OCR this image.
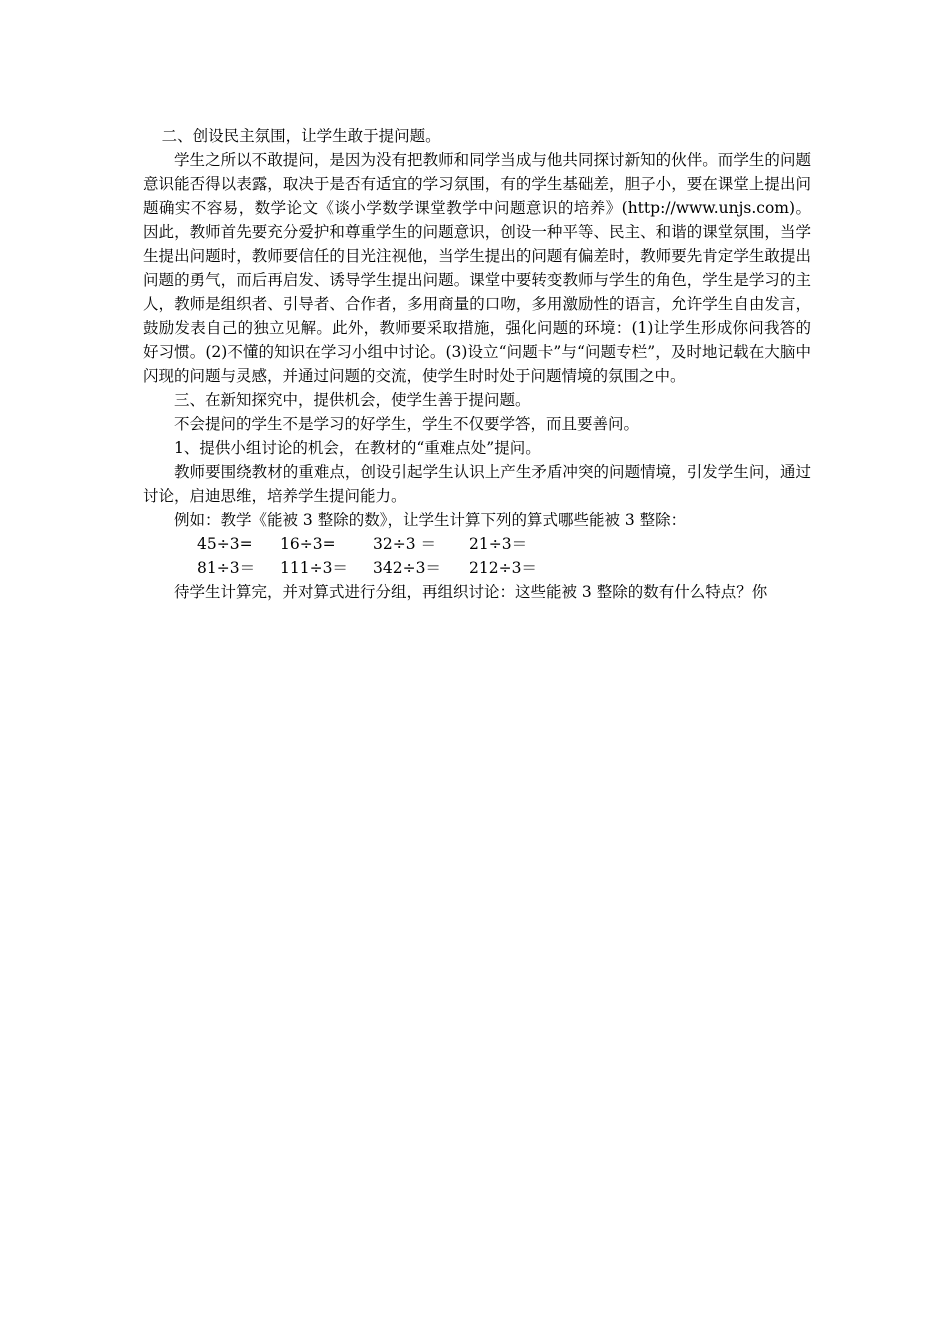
二、创设民主氛围，让学生敢于提问题。

学生之所以不敢提问，是因为没有把教师和同学当成与他共同探讨新知的伙伴。而学生的问题意识能否得以表露，取决于是否有适宜的学习氛围，有的学生基础差，胆子小，要在课堂上提出问题确实不容易，数学论文《谈小学数学课堂教学中问题意识的培养》(http://www.unjs.com)。因此，教师首先要充分爱护和尊重学生的问题意识，创设一种平等、民主、和谐的课堂氛围，当学生提出问题时，教师要信任的目光注视他，当学生提出的问题有偏差时，教师要先肯定学生敢提出问题的勇气，而后再启发、诱导学生提出问题。课堂中要转变教师与学生的角色，学生是学习的主人，教师是组织者、引导者、合作者，多用商量的口吻，多用激励性的语言，允许学生自由发言，鼓励发表自己的独立见解。此外，教师要采取措施，强化问题的环境：(1)让学生形成你问我答的好习惯。(2)不懂的知识在学习小组中讨论。(3)设立“问题卡”与“问题专栏”，及时地记载在大脑中闪现的问题与灵感，并通过问题的交流，使学生时时处于问题情境的氛围之中。

三、在新知探究中，提供机会，使学生善于提问题。

不会提问的学生不是学习的好学生，学生不仅要学答，而且要善问。

1、提供小组讨论的机会，在教材的“重难点处”提问。

教师要围绕教材的重难点，创设引起学生认识上产生矛盾冲突的问题情境，引发学生问，通过讨论，启迪思维，培养学生提问能力。

例如：教学《能被 3 整除的数》，让学生计算下列的算式哪些能被 3 整除：

45÷3=	16÷3=	32÷3 ＝	21÷3＝
81÷3＝	111÷3＝	342÷3＝	212÷3＝

待学生计算完，并对算式进行分组，再组织讨论：这些能被 3 整除的数有什么特点？你
